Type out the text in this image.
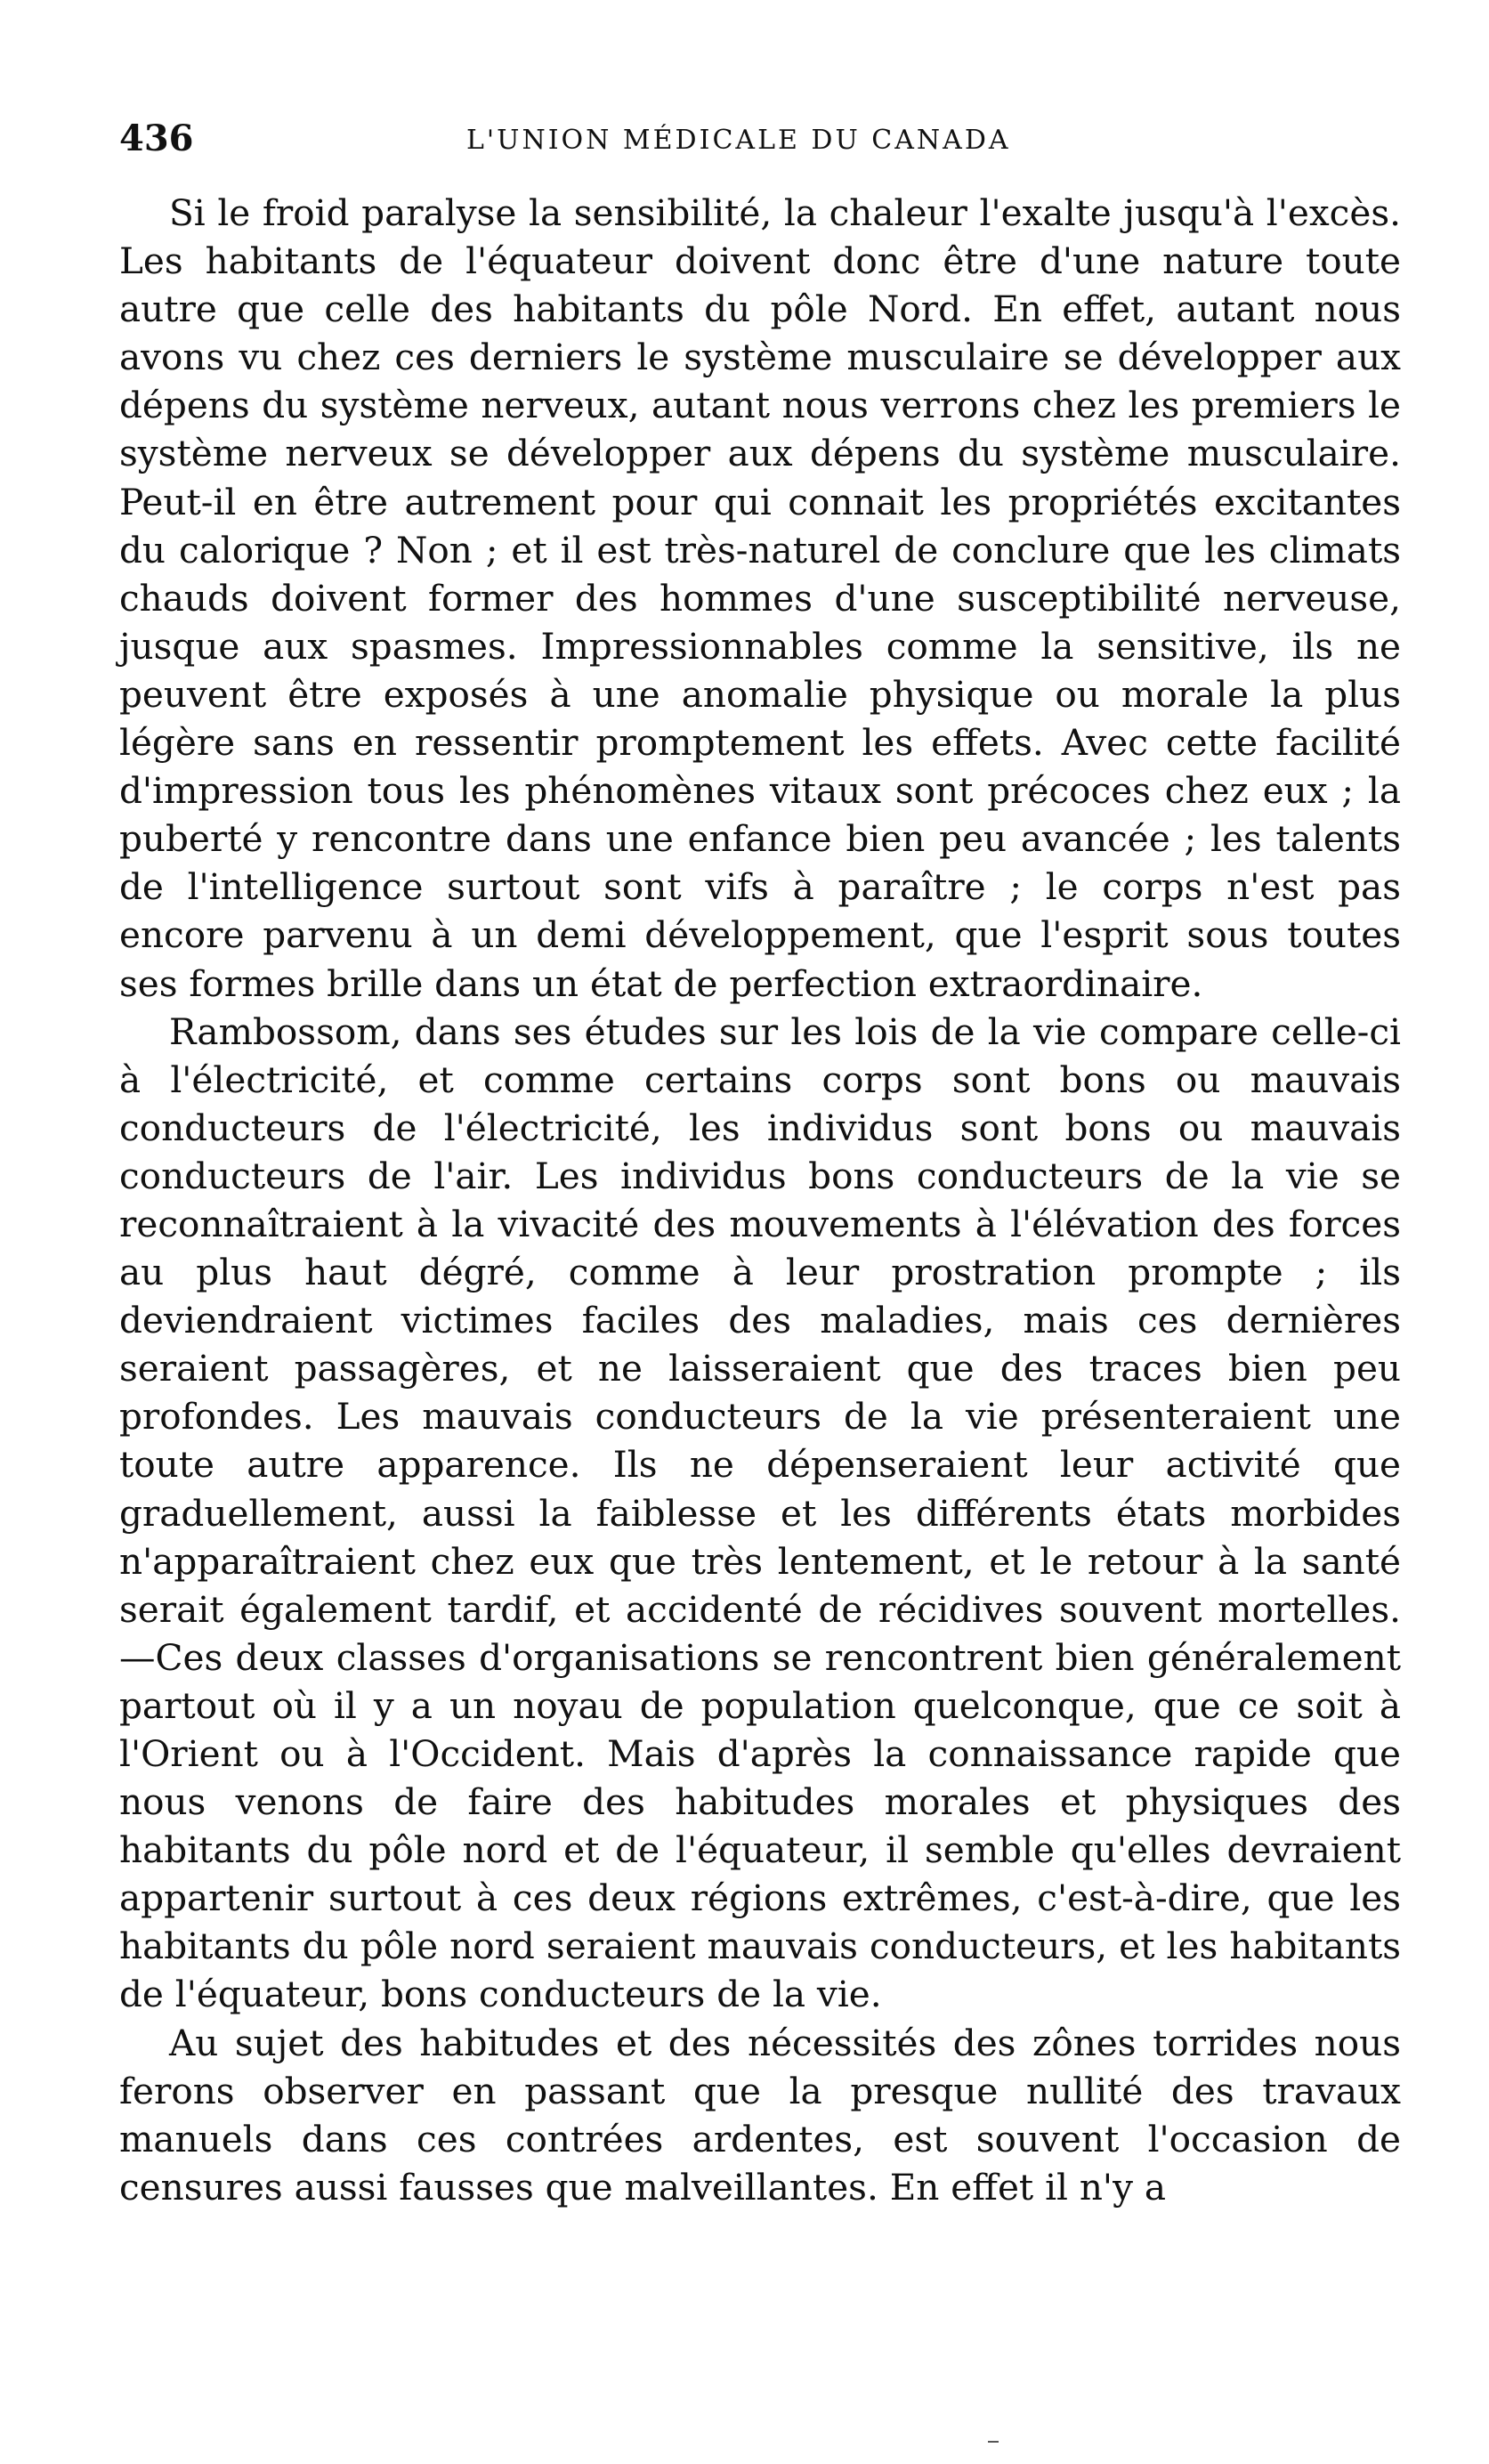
436	L'UNION MÉDICALE DU CANADA

Si le froid paralyse la sensibilité, la chaleur l'exalte jusqu'à l'excès. Les habitants de l'équateur doivent donc être d'une nature toute autre que celle des habitants du pôle Nord. En effet, autant nous avons vu chez ces derniers le système musculaire se développer aux dépens du système nerveux, autant nous verrons chez les premiers le système nerveux se développer aux dépens du système musculaire. Peut-il en être autrement pour qui connait les propriétés excitantes du calorique ? Non ; et il est très-naturel de conclure que les climats chauds doivent former des hommes d'une susceptibilité nerveuse, jusque aux spasmes. Impressionnables comme la sensitive, ils ne peuvent être exposés à une anomalie physique ou morale la plus légère sans en ressentir promptement les effets. Avec cette facilité d'impression tous les phénomènes vitaux sont précoces chez eux ; la puberté y rencontre dans une enfance bien peu avancée ; les talents de l'intelligence surtout sont vifs à paraître ; le corps n'est pas encore parvenu à un demi développement, que l'esprit sous toutes ses formes brille dans un état de perfection extraordinaire.

Rambossom, dans ses études sur les lois de la vie compare celle-ci à l'électricité, et comme certains corps sont bons ou mauvais conducteurs de l'électricité, les individus sont bons ou mauvais conducteurs de l'air. Les individus bons conducteurs de la vie se reconnaîtraient à la vivacité des mouvements à l'élévation des forces au plus haut dégré, comme à leur prostration prompte ; ils deviendraient victimes faciles des maladies, mais ces dernières seraient passagères, et ne laisseraient que des traces bien peu profondes. Les mauvais conducteurs de la vie présenteraient une toute autre apparence. Ils ne dépenseraient leur activité que graduellement, aussi la faiblesse et les différents états morbides n'apparaîtraient chez eux que très lentement, et le retour à la santé serait également tardif, et accidenté de récidives souvent mortelles.—Ces deux classes d'organisations se rencontrent bien généralement partout où il y a un noyau de population quelconque, que ce soit à l'Orient ou à l'Occident. Mais d'après la connaissance rapide que nous venons de faire des habitudes morales et physiques des habitants du pôle nord et de l'équateur, il semble qu'elles devraient appartenir surtout à ces deux régions extrêmes, c'est-à-dire, que les habitants du pôle nord seraient mauvais conducteurs, et les habitants de l'équateur, bons conducteurs de la vie.

Au sujet des habitudes et des nécessités des zônes torrides nous ferons observer en passant que la presque nullité des travaux manuels dans ces contrées ardentes, est souvent l'occasion de censures aussi fausses que malveillantes. En effet il n'y a
